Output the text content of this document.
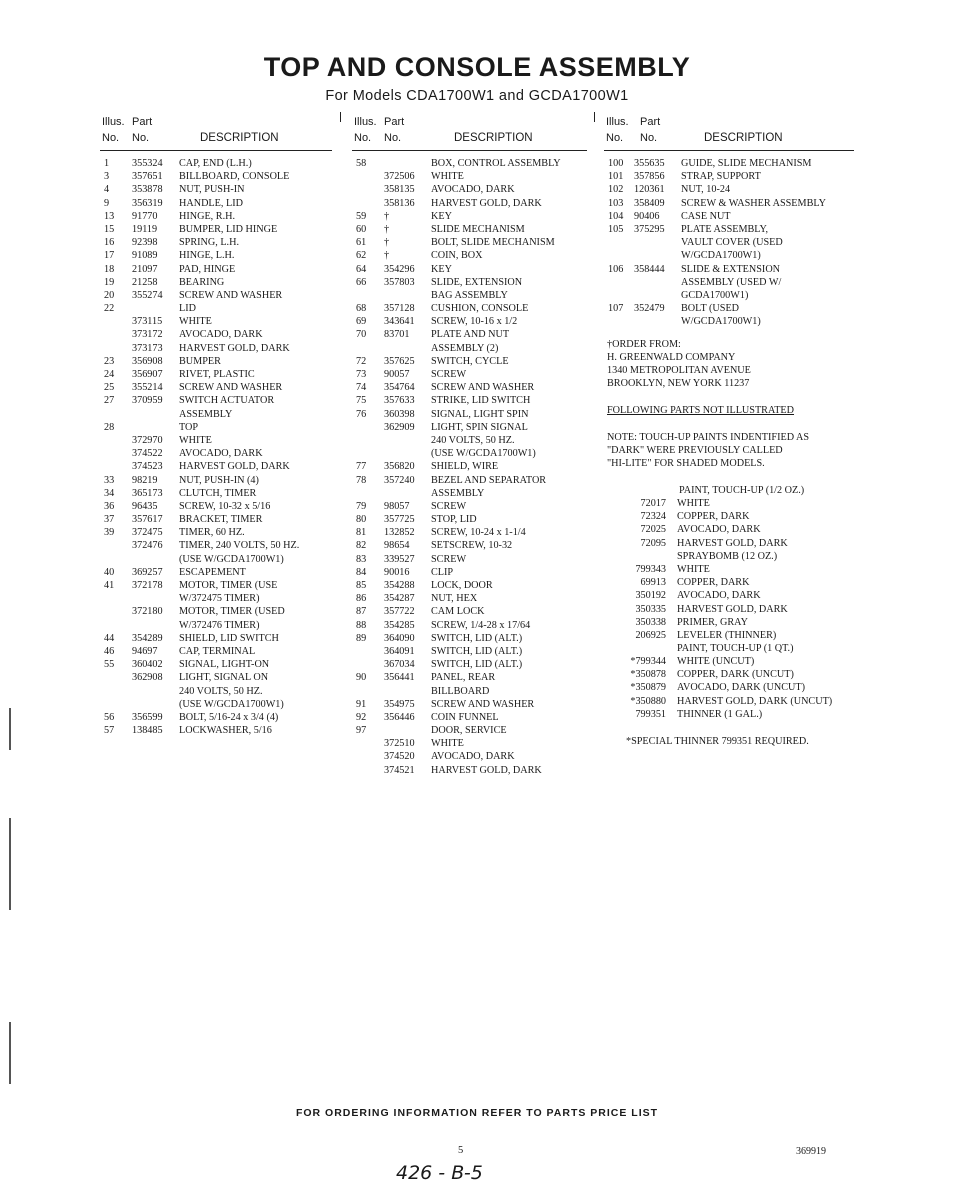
TOP AND CONSOLE ASSEMBLY
For Models CDA1700W1 and GCDA1700W1
Illus. Part
No. No.	DESCRIPTION
1 355324 CAP, END (L.H.)
3 357651 BILLBOARD, CONSOLE
4 353878 NUT, PUSH-IN
9 356319 HANDLE, LID
13 91770 HINGE, R.H.
15 19119 BUMPER, LID HINGE
16 92398 SPRING, L.H.
17 91089 HINGE, L.H.
18 21097 PAD, HINGE
19 21258 BEARING
20 355274 SCREW AND WASHER
22	LID
373115 WHITE
373172 AVOCADO, DARK
373173 HARVEST GOLD, DARK
23 356908 BUMPER
24 356907 RIVET, PLASTIC
25 355214 SCREW AND WASHER
27 370959 SWITCH ACTUATOR
ASSEMBLY
28	TOP
372970 WHITE
374522 AVOCADO, DARK
374523 HARVEST GOLD, DARK
33 98219 NUT, PUSH-IN (4)
34 365173 CLUTCH, TIMER
36 96435 SCREW, 10-32 x 5/16
37 357617 BRACKET, TIMER
39 372475 TIMER, 60 HZ.
372476 TIMER, 240 VOLTS, 50 HZ.
(USE W/GCDA1700W1)
40 369257 ESCAPEMENT
41 372178 MOTOR, TIMER (USE
W/372475 TIMER)
372180 MOTOR, TIMER (USED
W/372476 TIMER)
44 354289 SHIELD, LID SWITCH
46 94697 CAP, TERMINAL
55 360402 SIGNAL, LIGHT-ON
362908 LIGHT, SIGNAL ON
240 VOLTS, 50 HZ.
(USE W/GCDA1700W1)
56 356599 BOLT, 5/16-24 x 3/4 (4)
57 138485 LOCKWASHER, 5/16
Illus. Part
No. No.	DESCRIPTION
58	BOX, CONTROL ASSEMBLY
372506 WHITE
358135 AVOCADO, DARK
358136 HARVEST GOLD, DARK
59 †	KEY
60 †	SLIDE MECHANISM
61 †	BOLT, SLIDE MECHANISM
62 †	COIN, BOX
64 354296 KEY
66 357803 SLIDE, EXTENSION
BAG ASSEMBLY
68 357128 CUSHION, CONSOLE
69 343641 SCREW, 10-16 x 1/2
70 83701 PLATE AND NUT
ASSEMBLY (2)
72 357625 SWITCH, CYCLE
73 90057 SCREW
74 354764 SCREW AND WASHER
75 357633 STRIKE, LID SWITCH
76 360398 SIGNAL, LIGHT SPIN
362909 LIGHT, SPIN SIGNAL
240 VOLTS, 50 HZ.
(USE W/GCDA1700W1)
77 356820 SHIELD, WIRE
78 357240 BEZEL AND SEPARATOR
ASSEMBLY
79 98057 SCREW
80 357725 STOP, LID
81 132852 SCREW, 10-24 x 1-1/4
82 98654 SETSCREW, 10-32
83 339527 SCREW
84 90016 CLIP
85 354288 LOCK, DOOR
86 354287 NUT, HEX
87 357722 CAM LOCK
88 354285 SCREW, 1/4-28 x 17/64
89 364090 SWITCH, LID (ALT.)
364091 SWITCH, LID (ALT.)
367034 SWITCH, LID (ALT.)
90 356441 PANEL, REAR
BILLBOARD
91 354975 SCREW AND WASHER
92 356446 COIN FUNNEL
97	DOOR, SERVICE
372510 WHITE
374520 AVOCADO, DARK
374521 HARVEST GOLD, DARK
Illus. Part
No. No.	DESCRIPTION
100 355635 GUIDE, SLIDE MECHANISM
101 357856 STRAP, SUPPORT
102 120361 NUT, 10-24
103 358409 SCREW & WASHER ASSEMBLY
104 90406 CASE NUT
105 375295 PLATE ASSEMBLY,
VAULT COVER (USED
W/GCDA1700W1)
106 358444 SLIDE & EXTENSION
ASSEMBLY (USED W/
GCDA1700W1)
107 352479 BOLT (USED
W/GCDA1700W1)
†ORDER FROM:
H. GREENWALD COMPANY
1340 METROPOLITAN AVENUE
BROOKLYN, NEW YORK 11237
FOLLOWING PARTS NOT ILLUSTRATED
NOTE: TOUCH-UP PAINTS INDENTIFIED AS
"DARK" WERE PREVIOUSLY CALLED
"HI-LITE" FOR SHADED MODELS.
PAINT, TOUCH-UP (1/2 OZ.)
72017 WHITE
72324 COPPER, DARK
72025 AVOCADO, DARK
72095 HARVEST GOLD, DARK
SPRAYBOMB (12 OZ.)
799343 WHITE
69913 COPPER, DARK
350192 AVOCADO, DARK
350335 HARVEST GOLD, DARK
350338 PRIMER, GRAY
206925 LEVELER (THINNER)
PAINT, TOUCH-UP (1 QT.)
*799344 WHITE (UNCUT)
*350878 COPPER, DARK (UNCUT)
*350879 AVOCADO, DARK (UNCUT)
*350880 HARVEST GOLD, DARK (UNCUT)
799351 THINNER (1 GAL.)
*SPECIAL THINNER 799351 REQUIRED.
FOR ORDERING INFORMATION REFER TO PARTS PRICE LIST
5	369919
426 - B-5
